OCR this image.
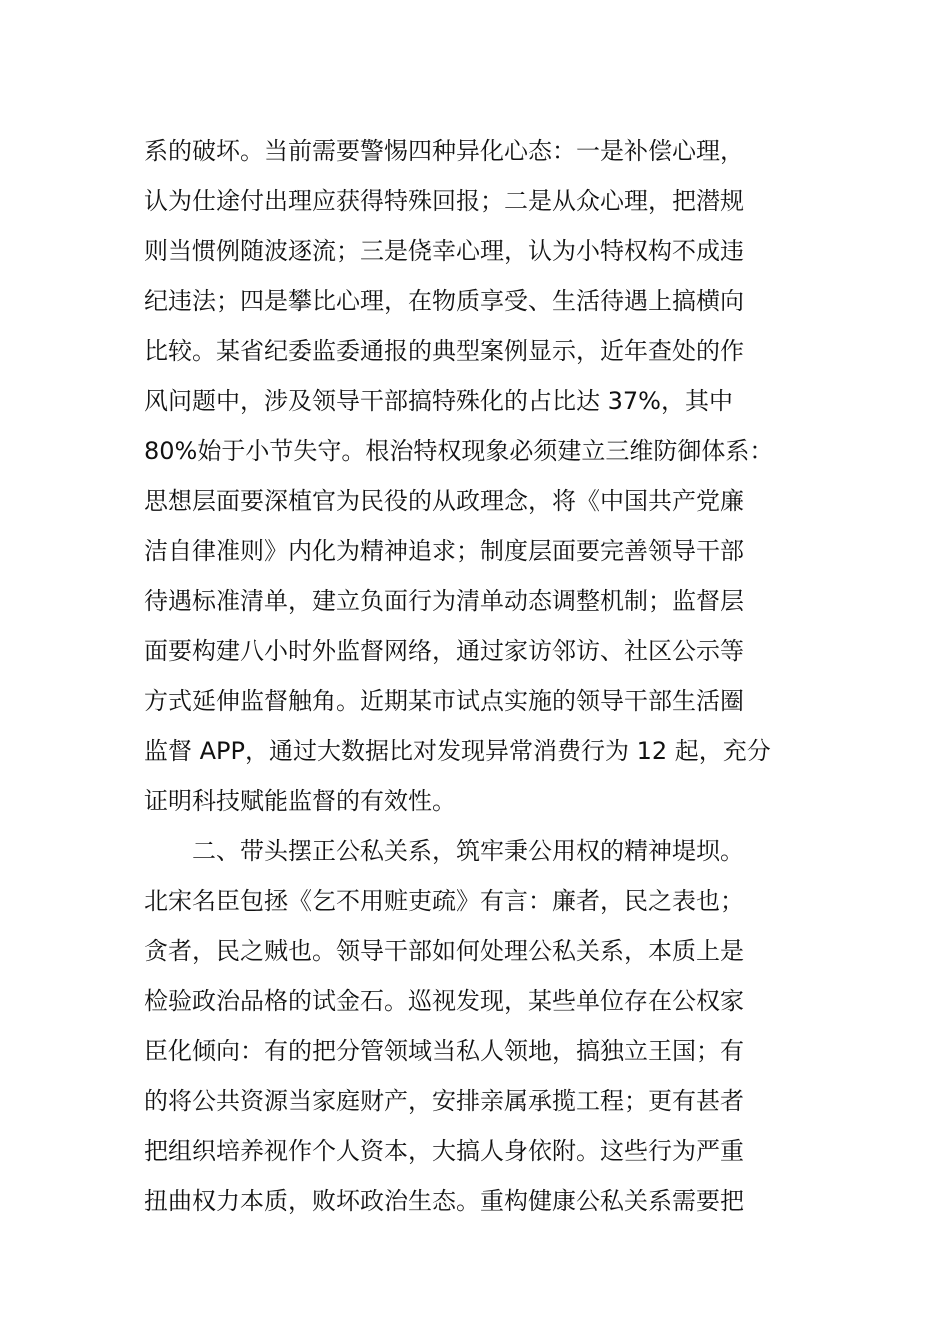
系的破坏。当前需要警惕四种异化心态：一是补偿心理，
认为仕途付出理应获得特殊回报；二是从众心理，把潜规
则当惯例随波逐流；三是侥幸心理，认为小特权构不成违
纪违法；四是攀比心理，在物质享受、生活待遇上搞横向
比较。某省纪委监委通报的典型案例显示，近年查处的作
风问题中，涉及领导干部搞特殊化的占比达 37%，其中
80%始于小节失守。根治特权现象必须建立三维防御体系：
思想层面要深植官为民役的从政理念，将《中国共产党廉
洁自律准则》内化为精神追求；制度层面要完善领导干部
待遇标准清单，建立负面行为清单动态调整机制；监督层
面要构建八小时外监督网络，通过家访邻访、社区公示等
方式延伸监督触角。近期某市试点实施的领导干部生活圈
监督 APP，通过大数据比对发现异常消费行为 12 起，充分
证明科技赋能监督的有效性。
二、带头摆正公私关系，筑牢秉公用权的精神堤坝。
北宋名臣包拯《乞不用赃吏疏》有言：廉者，民之表也；
贪者，民之贼也。领导干部如何处理公私关系，本质上是
检验政治品格的试金石。巡视发现，某些单位存在公权家
臣化倾向：有的把分管领域当私人领地，搞独立王国；有
的将公共资源当家庭财产，安排亲属承揽工程；更有甚者
把组织培养视作个人资本，大搞人身依附。这些行为严重
扭曲权力本质，败坏政治生态。重构健康公私关系需要把
